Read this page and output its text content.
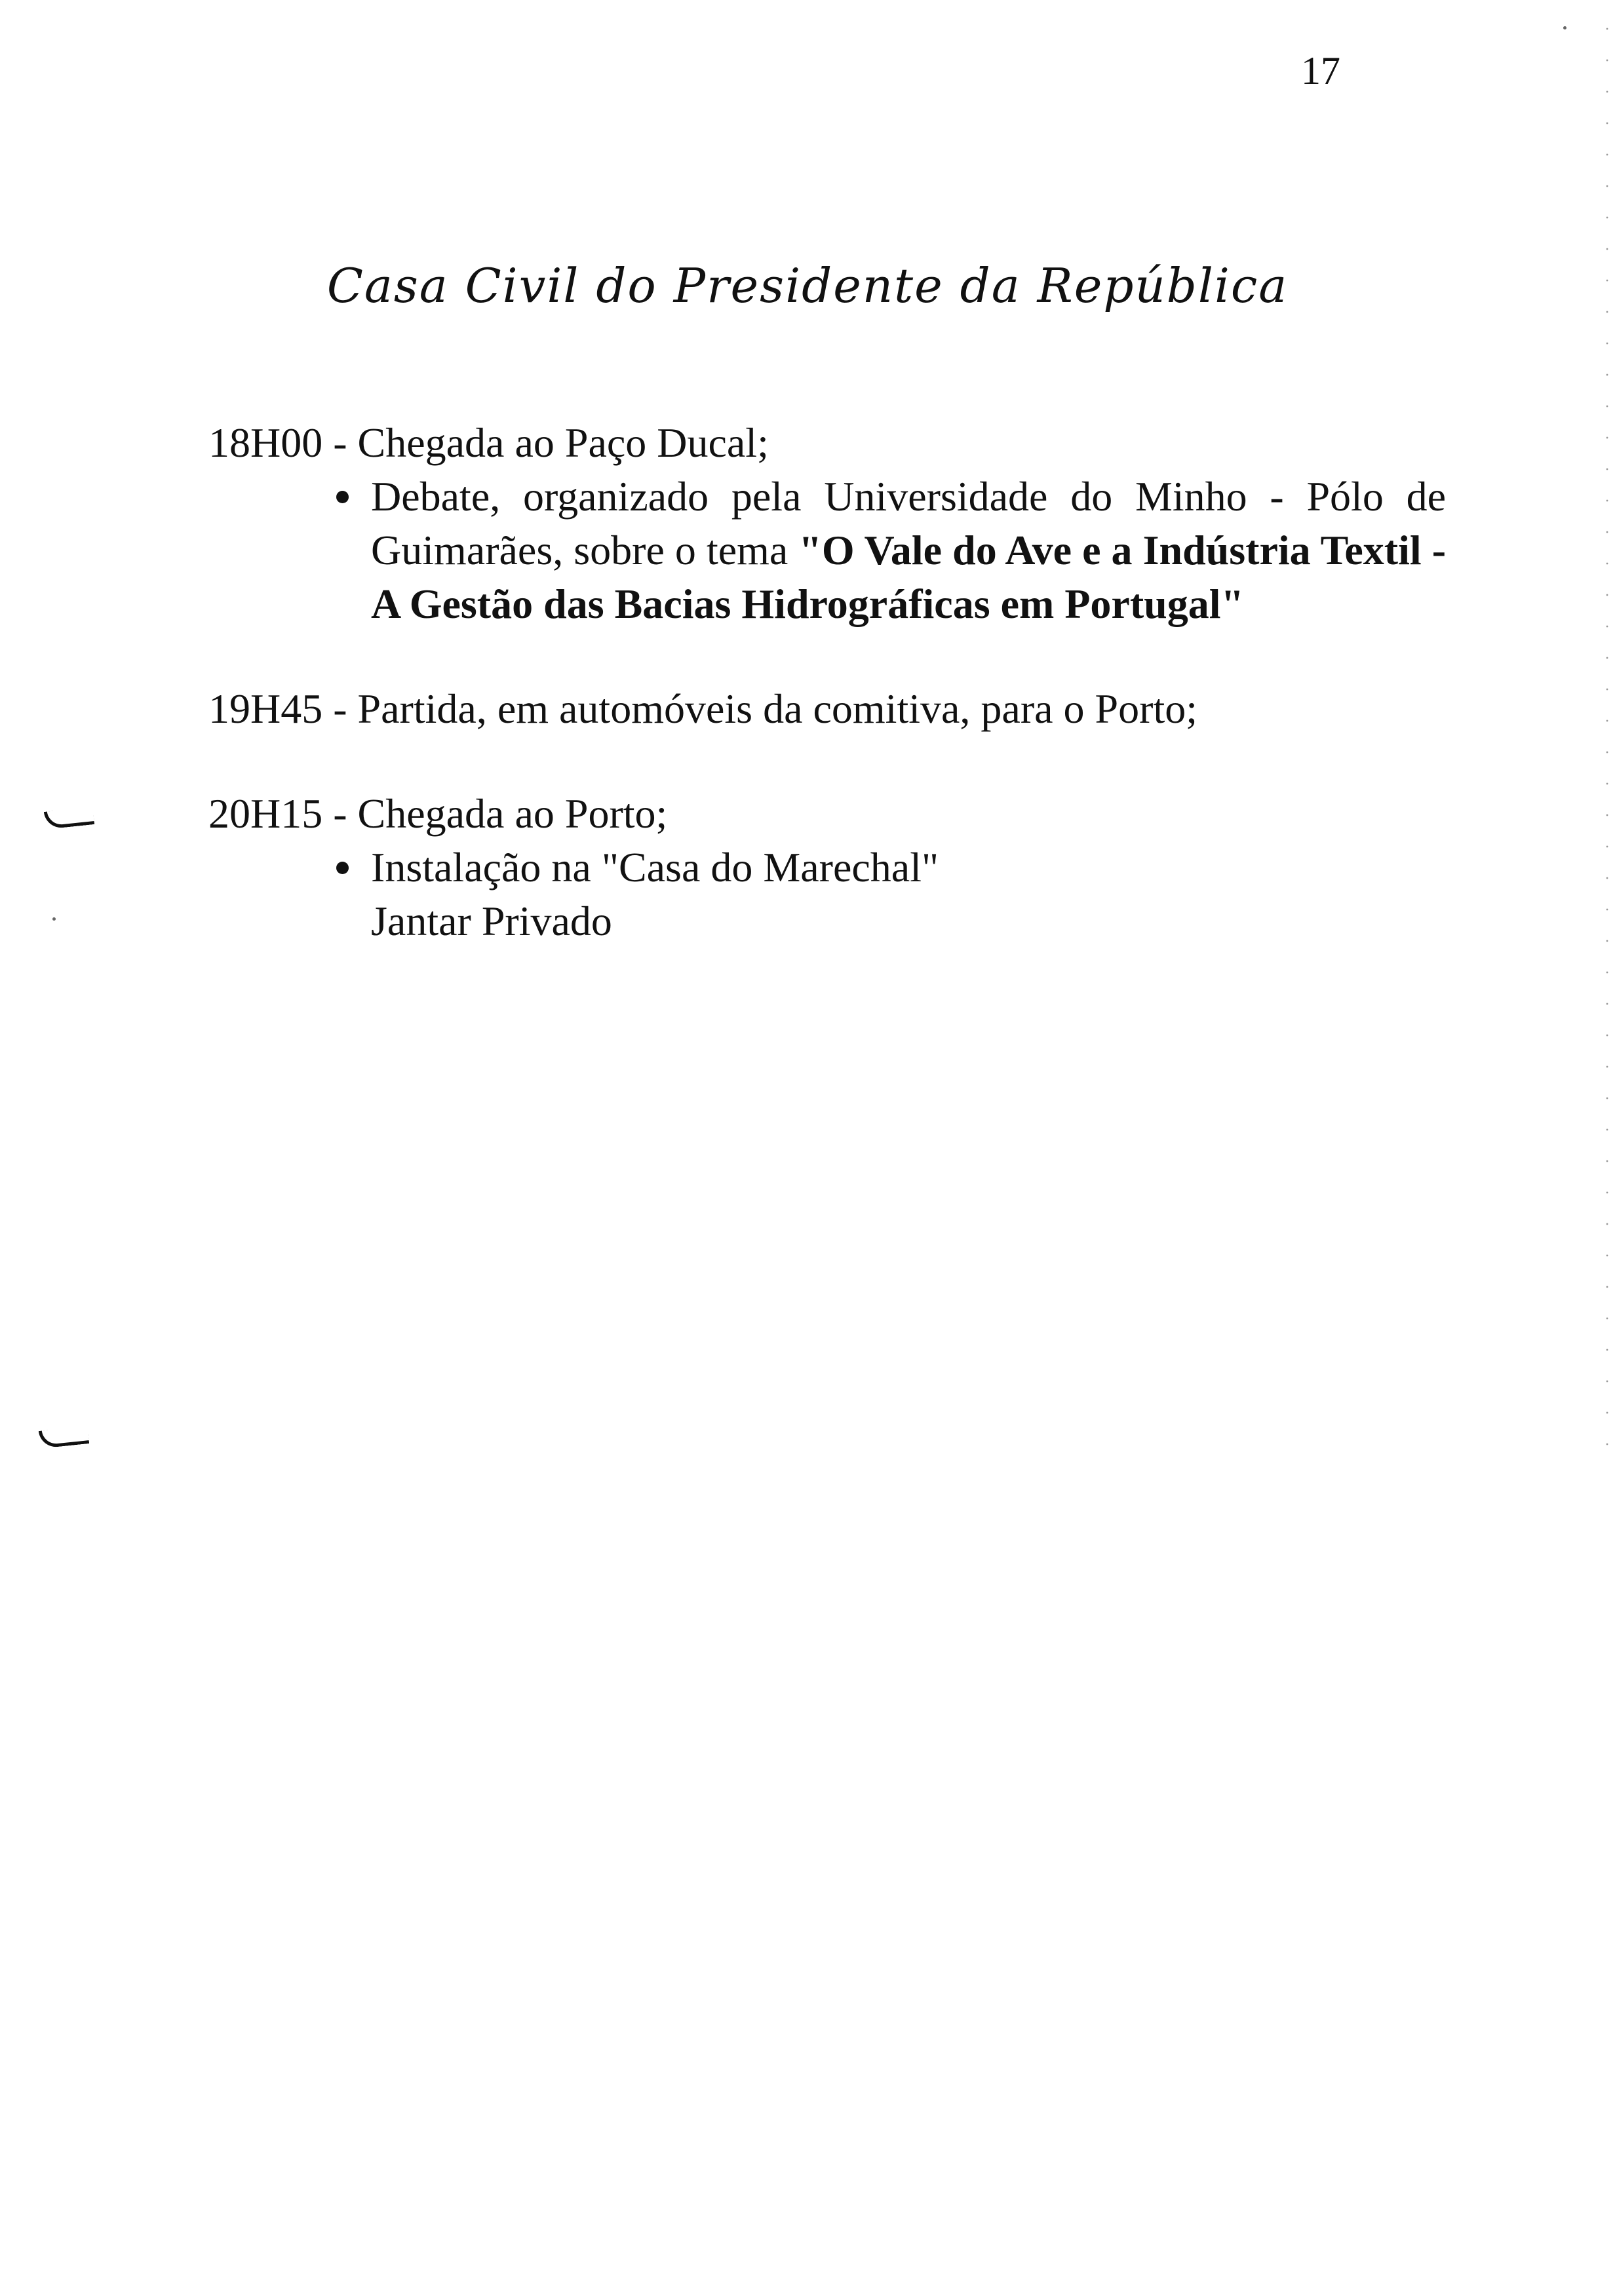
17
Casa Civil do Presidente da República
18H00 - Chegada ao Paço Ducal;
Debate, organizado pela Universidade do Minho - Pólo de Guimarães, sobre o tema "O Vale do Ave e a Indústria Textil - A Gestão das Bacias Hidrográficas em Portugal"
19H45 - Partida, em automóveis da comitiva, para o Porto;
20H15 - Chegada ao Porto;
Instalação na "Casa do Marechal"
Jantar Privado
